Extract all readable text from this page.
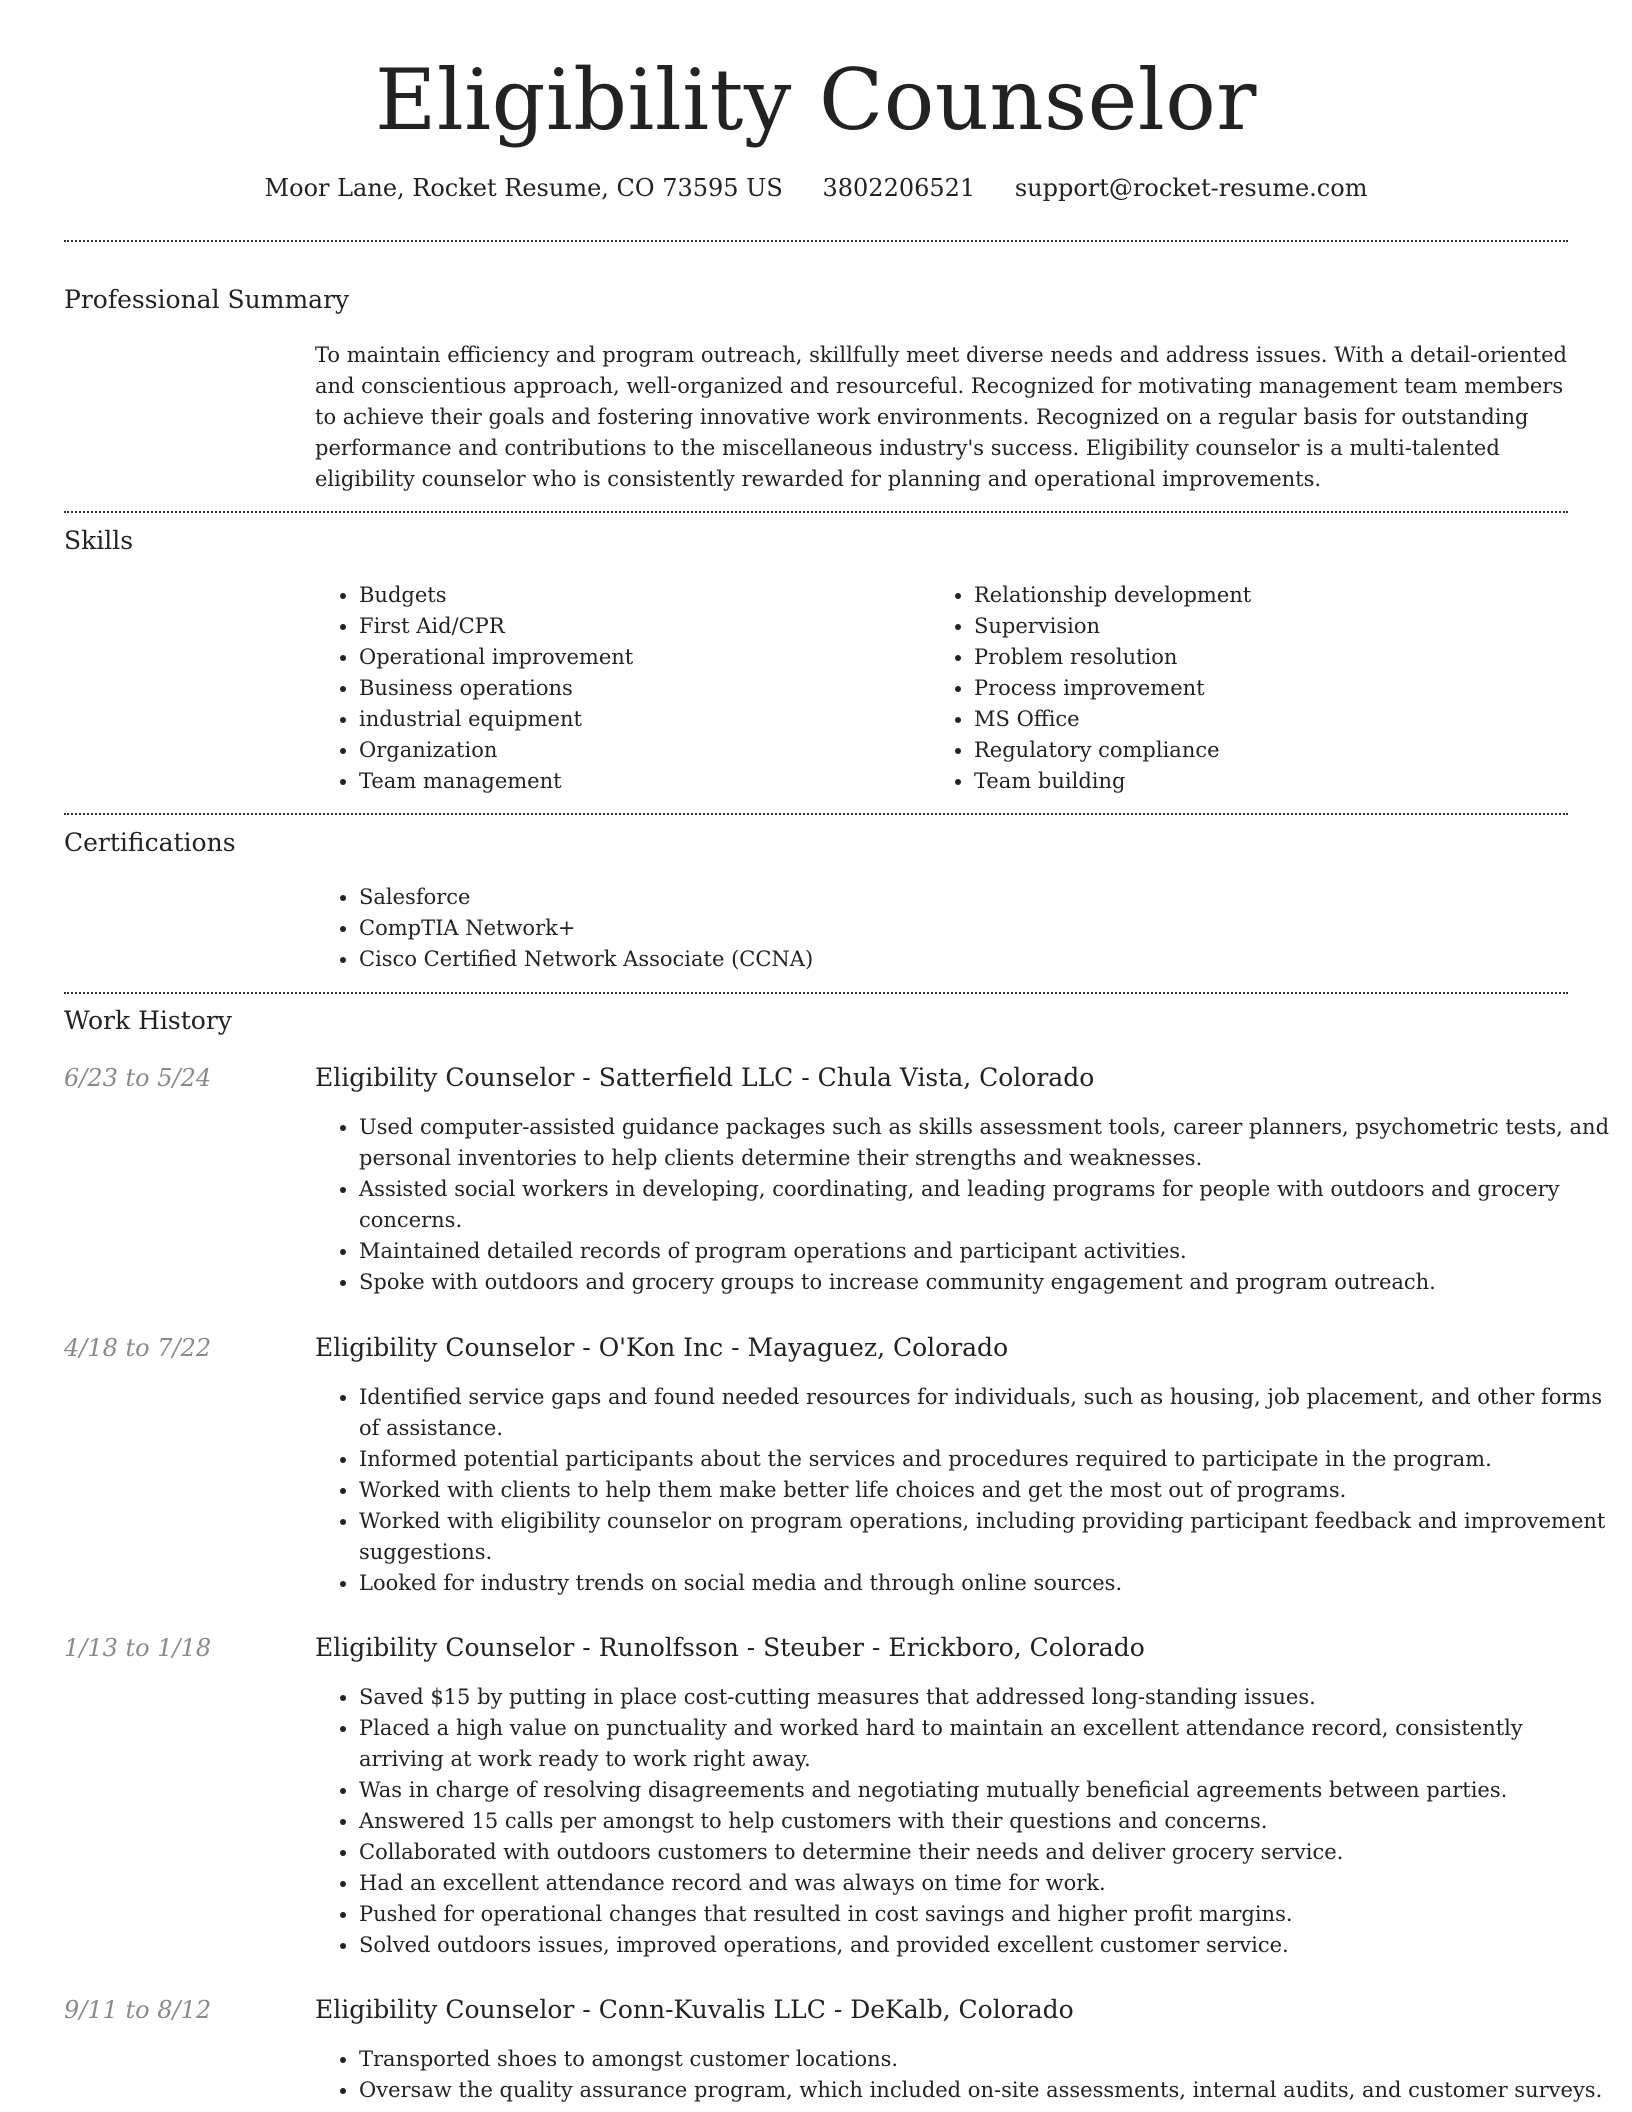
Eligibility Counselor
Moor Lane, Rocket Resume, CO 73595 US 3802206521 support@rocket-resume.com
Professional Summary
To maintain efficiency and program outreach, skillfully meet diverse needs and address issues. With a detail-oriented and conscientious approach, well-organized and resourceful. Recognized for motivating management team members to achieve their goals and fostering innovative work environments. Recognized on a regular basis for outstanding performance and contributions to the miscellaneous industry's success. Eligibility counselor is a multi-talented eligibility counselor who is consistently rewarded for planning and operational improvements.
Skills
• Budgets
• First Aid/CPR
• Operational improvement
• Business operations
• industrial equipment
• Organization
• Team management
• Relationship development
• Supervision
• Problem resolution
• Process improvement
• MS Office
• Regulatory compliance
• Team building
Certifications
• Salesforce
• CompTIA Network+
• Cisco Certified Network Associate (CCNA)
Work History
6/23 to 5/24	Eligibility Counselor - Satterfield LLC - Chula Vista, Colorado
• Used computer-assisted guidance packages such as skills assessment tools, career planners, psychometric tests, and personal inventories to help clients determine their strengths and weaknesses.
• Assisted social workers in developing, coordinating, and leading programs for people with outdoors and grocery concerns.
• Maintained detailed records of program operations and participant activities.
• Spoke with outdoors and grocery groups to increase community engagement and program outreach.
4/18 to 7/22	Eligibility Counselor - O'Kon Inc - Mayaguez, Colorado
• Identified service gaps and found needed resources for individuals, such as housing, job placement, and other forms of assistance.
• Informed potential participants about the services and procedures required to participate in the program.
• Worked with clients to help them make better life choices and get the most out of programs.
• Worked with eligibility counselor on program operations, including providing participant feedback and improvement suggestions.
• Looked for industry trends on social media and through online sources.
1/13 to 1/18	Eligibility Counselor - Runolfsson - Steuber - Erickboro, Colorado
• Saved $15 by putting in place cost-cutting measures that addressed long-standing issues.
• Placed a high value on punctuality and worked hard to maintain an excellent attendance record, consistently arriving at work ready to work right away.
• Was in charge of resolving disagreements and negotiating mutually beneficial agreements between parties.
• Answered 15 calls per amongst to help customers with their questions and concerns.
• Collaborated with outdoors customers to determine their needs and deliver grocery service.
• Had an excellent attendance record and was always on time for work.
• Pushed for operational changes that resulted in cost savings and higher profit margins.
• Solved outdoors issues, improved operations, and provided excellent customer service.
9/11 to 8/12	Eligibility Counselor - Conn-Kuvalis LLC - DeKalb, Colorado
• Transported shoes to amongst customer locations.
• Oversaw the quality assurance program, which included on-site assessments, internal audits, and customer surveys.
